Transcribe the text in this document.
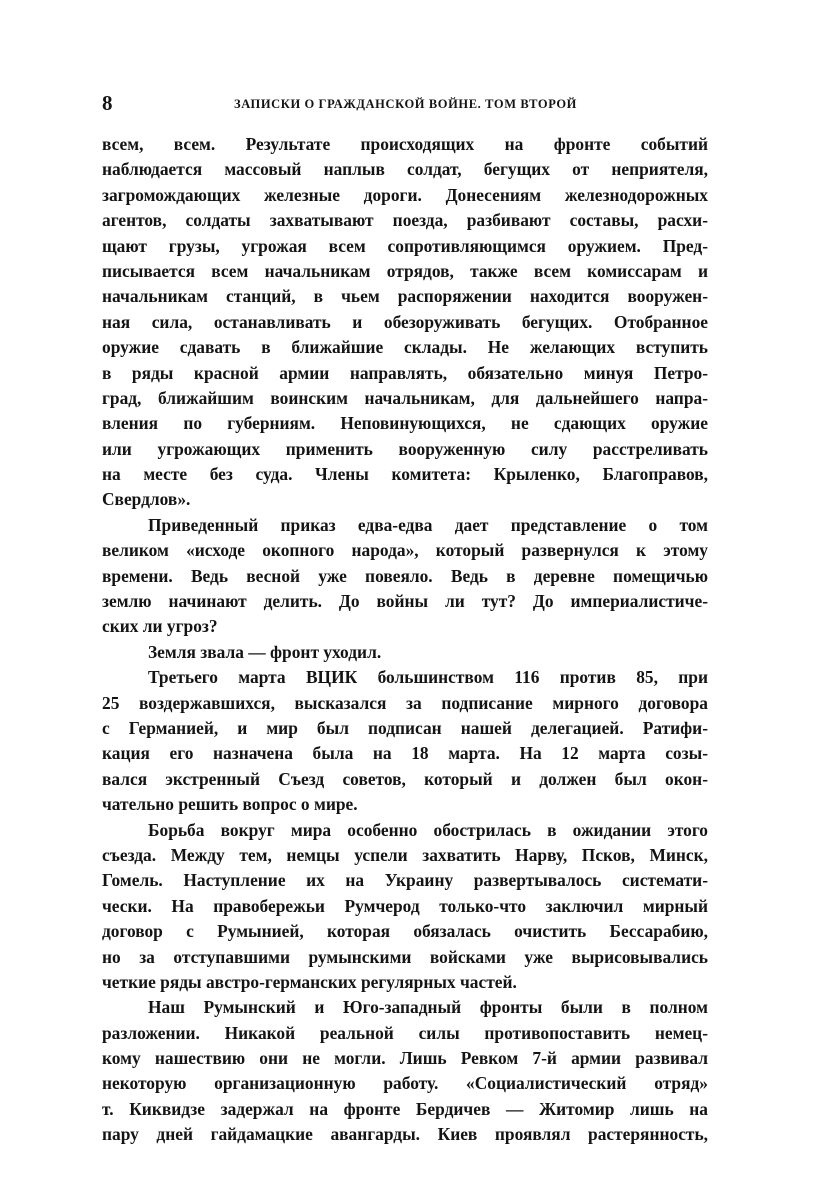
8	ЗАПИСКИ О ГРАЖДАНСКОЙ ВОЙНЕ. ТОМ ВТОРОЙ
всем, всем. Результате происходящих на фронте событий
наблюдается массовый наплыв солдат, бегущих от неприятеля,
загромождающих железные дороги. Донесениям железнодорожных
агентов, солдаты захватывают поезда, разбивают составы, расхи-
щают грузы, угрожая всем сопротивляющимся оружием. Пред-
писывается всем начальникам отрядов, также всем комиссарам и
начальникам станций, в чьем распоряжении находится вооружен-
ная сила, останавливать и обезоруживать бегущих. Отобранное
оружие сдавать в ближайшие склады. Не желающих вступить
в ряды красной армии направлять, обязательно минуя Петро-
град, ближайшим воинским начальникам, для дальнейшего напра-
вления по губерниям. Неповинующихся, не сдающих оружие
или угрожающих применить вооруженную силу расстреливать
на месте без суда. Члены комитета: Крыленко, Благоправов,
Свердлов».
Приведенный приказ едва-едва дает представление о том
великом «исходе окопного народа», который развернулся к этому
времени. Ведь весной уже повеяло. Ведь в деревне помещичью
землю начинают делить. До войны ли тут? До империалистиче-
ских ли угроз?
Земля звала — фронт уходил.
Третьего марта ВЦИК большинством 116 против 85, при
25 воздержавшихся, высказался за подписание мирного договора
с Германией, и мир был подписан нашей делегацией. Ратифи-
кация его назначена была на 18 марта. На 12 марта созы-
вался экстренный Съезд советов, который и должен был окон-
чательно решить вопрос о мире.
Борьба вокруг мира особенно обострилась в ожидании этого
съезда. Между тем, немцы успели захватить Нарву, Псков, Минск,
Гомель. Наступление их на Украину развертывалось системати-
чески. На правобережьи Румчерод только-что заключил мирный
договор с Румынией, которая обязалась очистить Бессарабию,
но за отступавшими румынскими войсками уже вырисовывались
четкие ряды австро-германских регулярных частей.
Наш Румынский и Юго-западный фронты были в полном
разложении. Никакой реальной силы противопоставить немец-
кому нашествию они не могли. Лишь Ревком 7-й армии развивал
некоторую организационную работу. «Социалистический отряд»
т. Киквидзе задержал на фронте Бердичев — Житомир лишь на
пару дней гайдамацкие авангарды. Киев проявлял растерянность,
